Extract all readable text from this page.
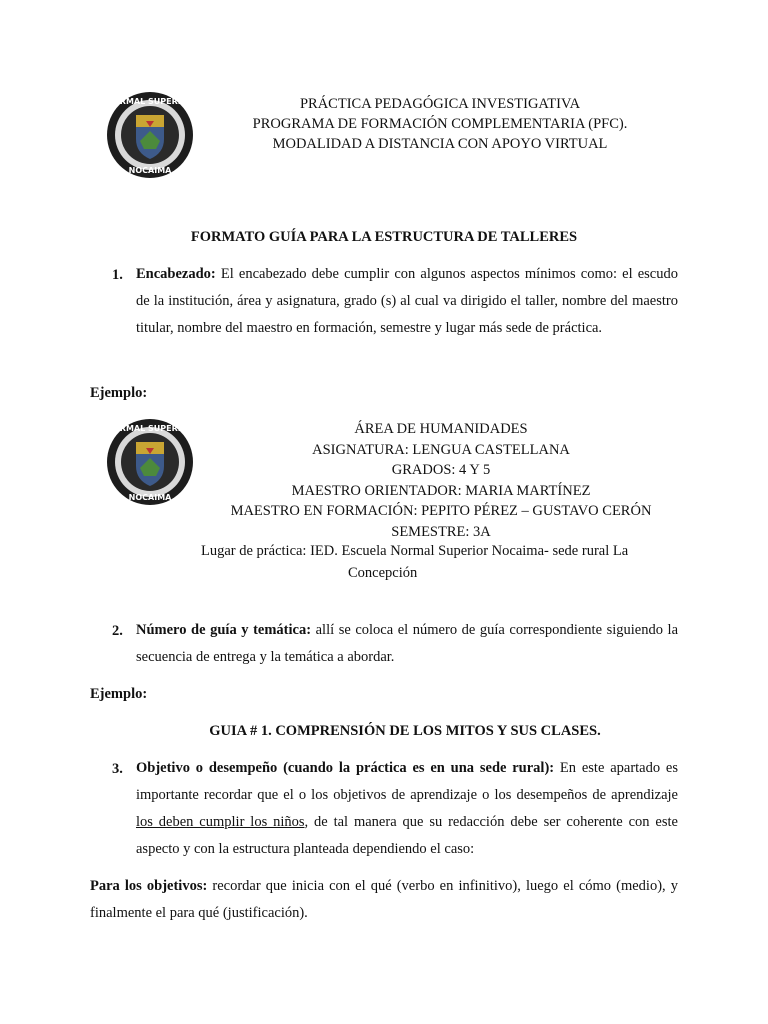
NORMAL SUPERIOR
NOCAIMA
PRÁCTICA PEDAGÓGICA INVESTIGATIVA
PROGRAMA DE FORMACIÓN COMPLEMENTARIA (PFC).
MODALIDAD A DISTANCIA CON APOYO VIRTUAL
FORMATO GUÍA PARA LA ESTRUCTURA DE TALLERES
1. Encabezado: El encabezado debe cumplir con algunos aspectos mínimos como: el escudo de la institución, área y asignatura, grado (s) al cual va dirigido el taller, nombre del maestro titular, nombre del maestro en formación, semestre y lugar más sede de práctica.
Ejemplo:
NORMAL SUPERIOR
NOCAIMA
ÁREA DE HUMANIDADES
ASIGNATURA: LENGUA CASTELLANA
GRADOS: 4 Y 5
MAESTRO ORIENTADOR: MARIA MARTÍNEZ
MAESTRO EN FORMACIÓN: PEPITO PÉREZ – GUSTAVO CERÓN
SEMESTRE: 3A
Lugar de práctica: IED. Escuela Normal Superior Nocaima- sede rural La
Concepción
2. Número de guía y temática: allí se coloca el número de guía correspondiente siguiendo la secuencia de entrega y la temática a abordar.
Ejemplo:
GUIA # 1. COMPRENSIÓN DE LOS MITOS Y SUS CLASES.
3. Objetivo o desempeño (cuando la práctica es en una sede rural): En este apartado es importante recordar que el o los objetivos de aprendizaje o los desempeños de aprendizaje los deben cumplir los niños, de tal manera que su redacción debe ser coherente con este aspecto y con la estructura planteada dependiendo el caso:
Para los objetivos: recordar que inicia con el qué (verbo en infinitivo), luego el cómo (medio), y finalmente el para qué (justificación).
